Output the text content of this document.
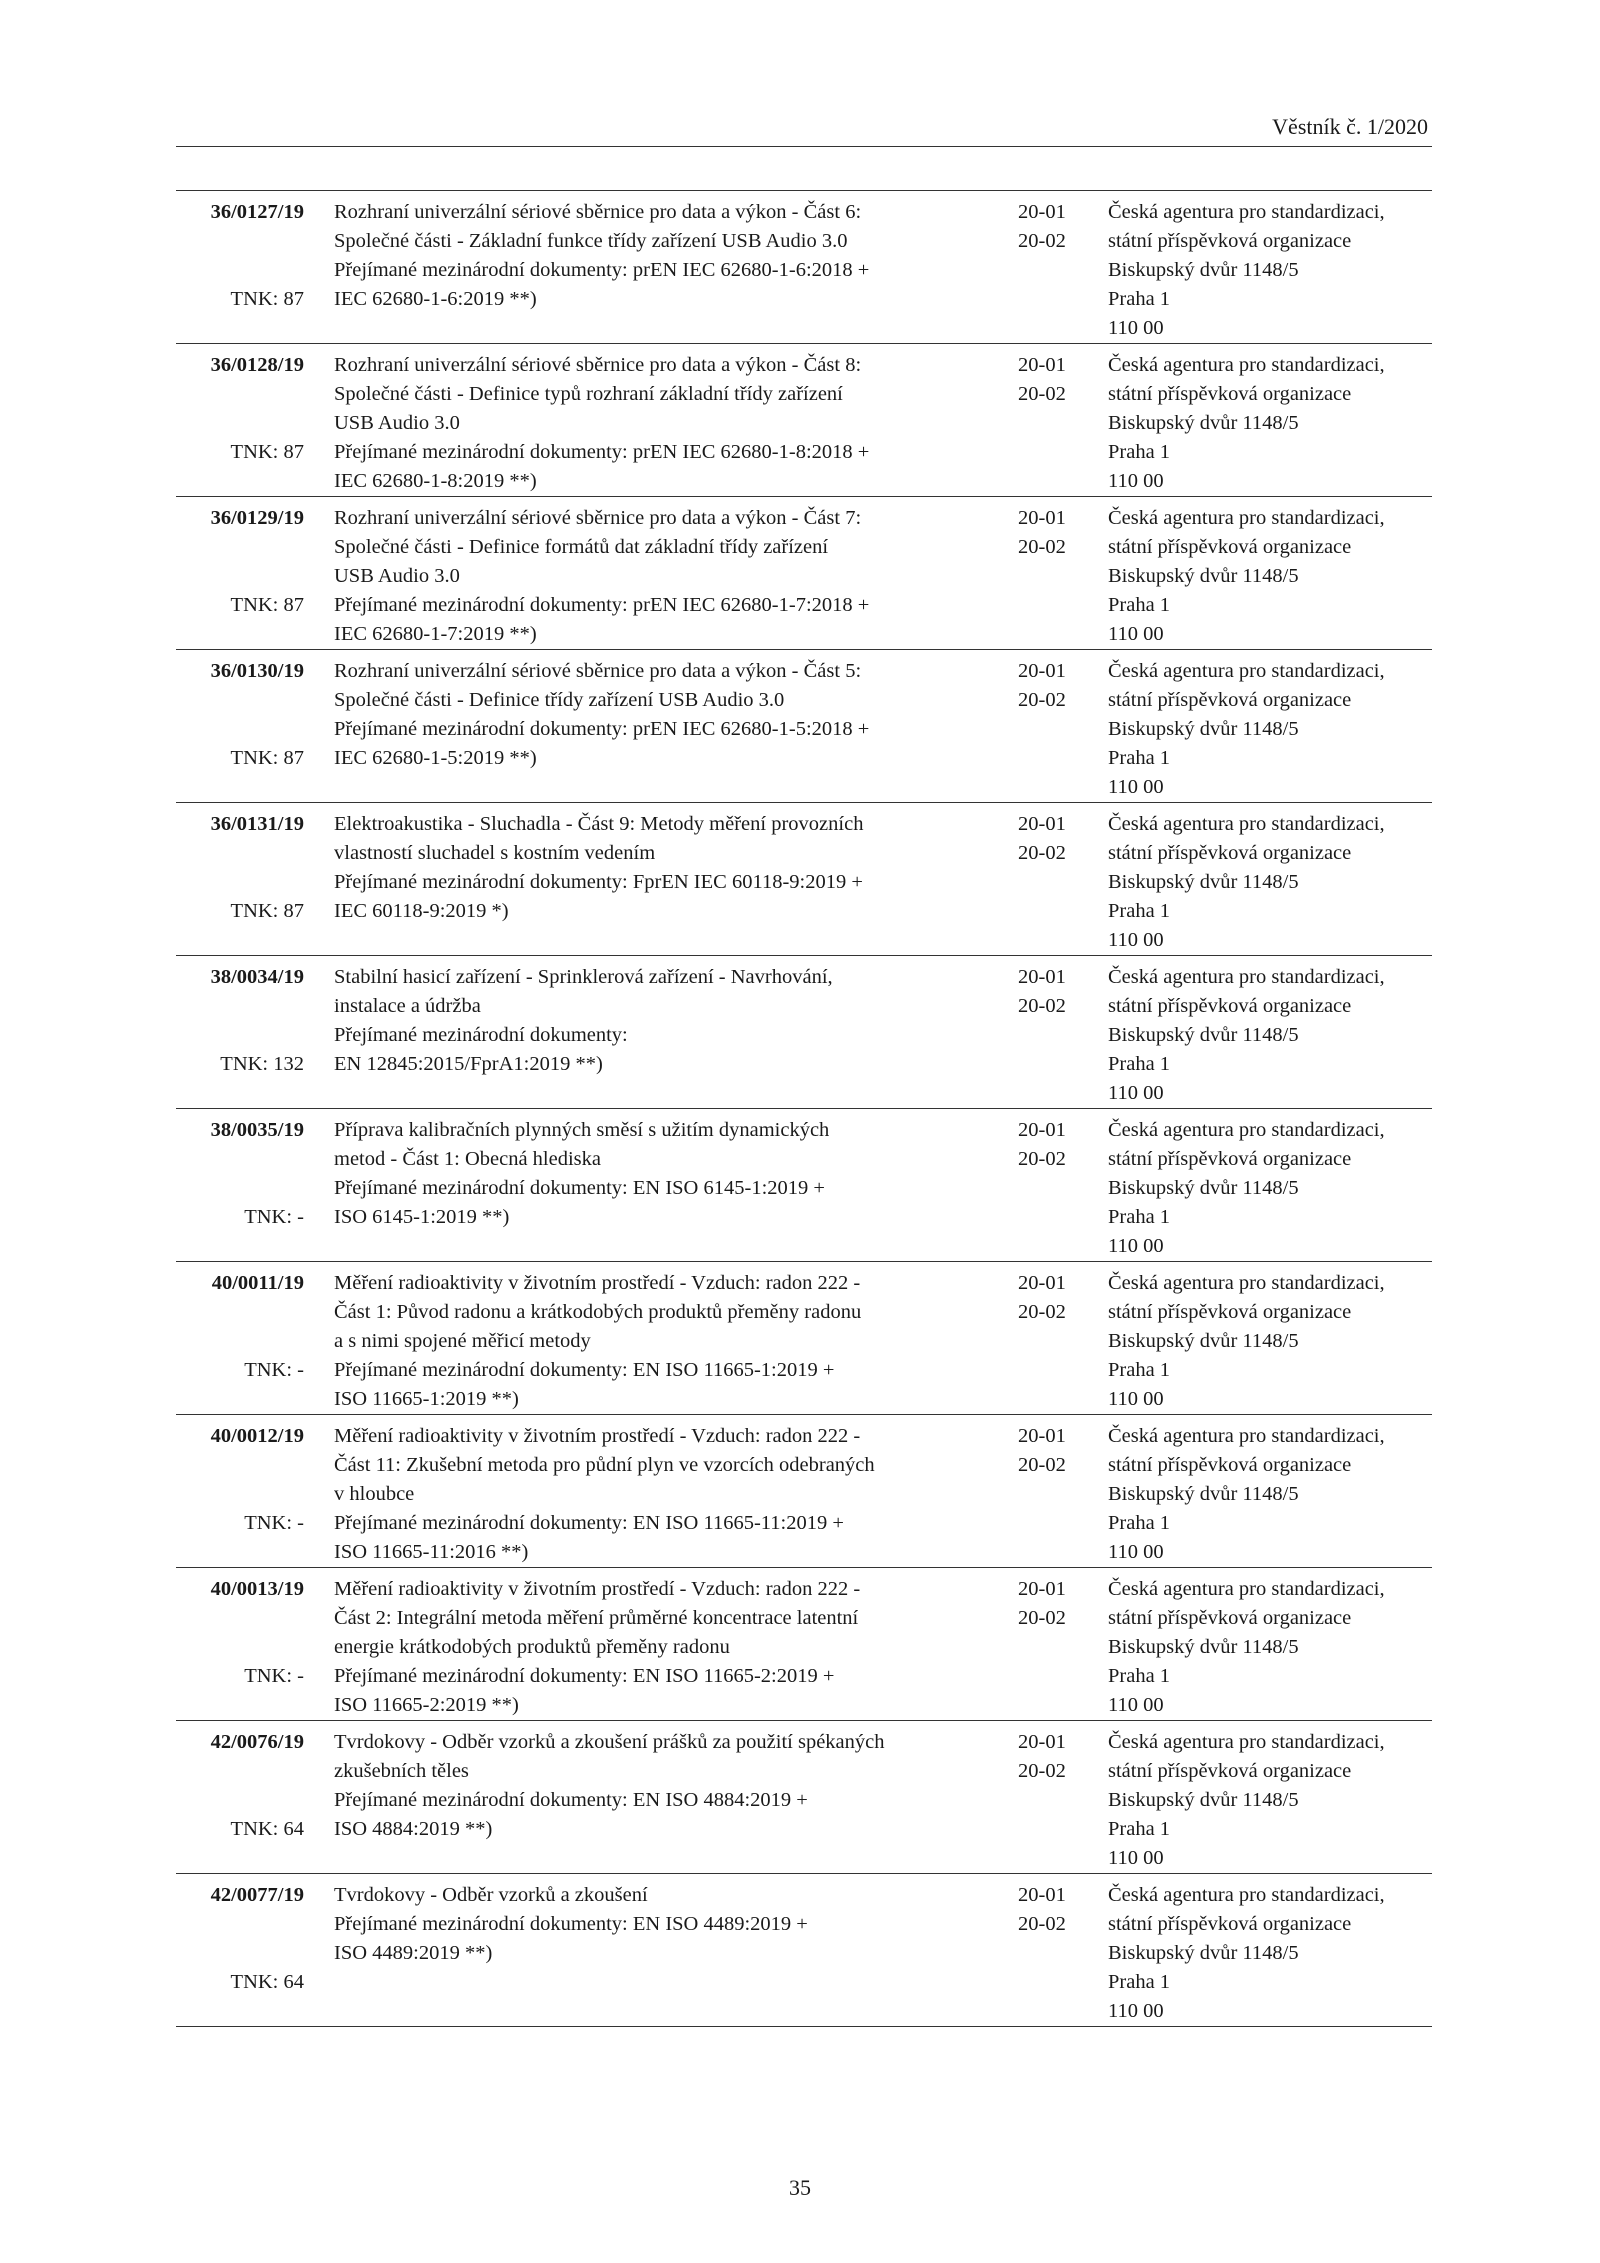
Věstník č. 1/2020
36/0127/19
TNK: 87
Rozhraní univerzální sériové sběrnice pro data a výkon - Část 6:
Společné části - Základní funkce třídy zařízení USB Audio 3.0
Přejímané mezinárodní dokumenty: prEN IEC 62680-1-6:2018 +
IEC 62680-1-6:2019 **)
20-01
20-02
Česká agentura pro standardizaci,
státní příspěvková organizace
Biskupský dvůr 1148/5
Praha 1
110 00
36/0128/19
TNK: 87
Rozhraní univerzální sériové sběrnice pro data a výkon - Část 8:
Společné části - Definice typů rozhraní základní třídy zařízení
USB Audio 3.0
Přejímané mezinárodní dokumenty: prEN IEC 62680-1-8:2018 +
IEC 62680-1-8:2019 **)
20-01
20-02
Česká agentura pro standardizaci,
státní příspěvková organizace
Biskupský dvůr 1148/5
Praha 1
110 00
36/0129/19
TNK: 87
Rozhraní univerzální sériové sběrnice pro data a výkon - Část 7:
Společné části - Definice formátů dat základní třídy zařízení
USB Audio 3.0
Přejímané mezinárodní dokumenty: prEN IEC 62680-1-7:2018 +
IEC 62680-1-7:2019 **)
20-01
20-02
Česká agentura pro standardizaci,
státní příspěvková organizace
Biskupský dvůr 1148/5
Praha 1
110 00
36/0130/19
TNK: 87
Rozhraní univerzální sériové sběrnice pro data a výkon - Část 5:
Společné části - Definice třídy zařízení USB Audio 3.0
Přejímané mezinárodní dokumenty: prEN IEC 62680-1-5:2018 +
IEC 62680-1-5:2019 **)
20-01
20-02
Česká agentura pro standardizaci,
státní příspěvková organizace
Biskupský dvůr 1148/5
Praha 1
110 00
36/0131/19
TNK: 87
Elektroakustika - Sluchadla - Část 9: Metody měření provozních
vlastností sluchadel s kostním vedením
Přejímané mezinárodní dokumenty: FprEN IEC 60118-9:2019 +
IEC 60118-9:2019 *)
20-01
20-02
Česká agentura pro standardizaci,
státní příspěvková organizace
Biskupský dvůr 1148/5
Praha 1
110 00
38/0034/19
TNK: 132
Stabilní hasicí zařízení - Sprinklerová zařízení - Navrhování,
instalace a údržba
Přejímané mezinárodní dokumenty:
EN 12845:2015/FprA1:2019 **)
20-01
20-02
Česká agentura pro standardizaci,
státní příspěvková organizace
Biskupský dvůr 1148/5
Praha 1
110 00
38/0035/19
TNK: -
Příprava kalibračních plynných směsí s užitím dynamických
metod - Část 1: Obecná hlediska
Přejímané mezinárodní dokumenty: EN ISO 6145-1:2019 +
ISO 6145-1:2019 **)
20-01
20-02
Česká agentura pro standardizaci,
státní příspěvková organizace
Biskupský dvůr 1148/5
Praha 1
110 00
40/0011/19
TNK: -
Měření radioaktivity v životním prostředí - Vzduch: radon 222 -
Část 1: Původ radonu a krátkodobých produktů přeměny radonu
a s nimi spojené měřicí metody
Přejímané mezinárodní dokumenty: EN ISO 11665-1:2019 +
ISO 11665-1:2019 **)
20-01
20-02
Česká agentura pro standardizaci,
státní příspěvková organizace
Biskupský dvůr 1148/5
Praha 1
110 00
40/0012/19
TNK: -
Měření radioaktivity v životním prostředí - Vzduch: radon 222 -
Část 11: Zkušební metoda pro půdní plyn ve vzorcích odebraných
v hloubce
Přejímané mezinárodní dokumenty: EN ISO 11665-11:2019 +
ISO 11665-11:2016 **)
20-01
20-02
Česká agentura pro standardizaci,
státní příspěvková organizace
Biskupský dvůr 1148/5
Praha 1
110 00
40/0013/19
TNK: -
Měření radioaktivity v životním prostředí - Vzduch: radon 222 -
Část 2: Integrální metoda měření průměrné koncentrace latentní
energie krátkodobých produktů přeměny radonu
Přejímané mezinárodní dokumenty: EN ISO 11665-2:2019 +
ISO 11665-2:2019 **)
20-01
20-02
Česká agentura pro standardizaci,
státní příspěvková organizace
Biskupský dvůr 1148/5
Praha 1
110 00
42/0076/19
TNK: 64
Tvrdokovy - Odběr vzorků a zkoušení prášků za použití spékaných
zkušebních těles
Přejímané mezinárodní dokumenty: EN ISO 4884:2019 +
ISO 4884:2019 **)
20-01
20-02
Česká agentura pro standardizaci,
státní příspěvková organizace
Biskupský dvůr 1148/5
Praha 1
110 00
42/0077/19
TNK: 64
Tvrdokovy - Odběr vzorků a zkoušení
Přejímané mezinárodní dokumenty: EN ISO 4489:2019 +
ISO 4489:2019 **)
20-01
20-02
Česká agentura pro standardizaci,
státní příspěvková organizace
Biskupský dvůr 1148/5
Praha 1
110 00
35
